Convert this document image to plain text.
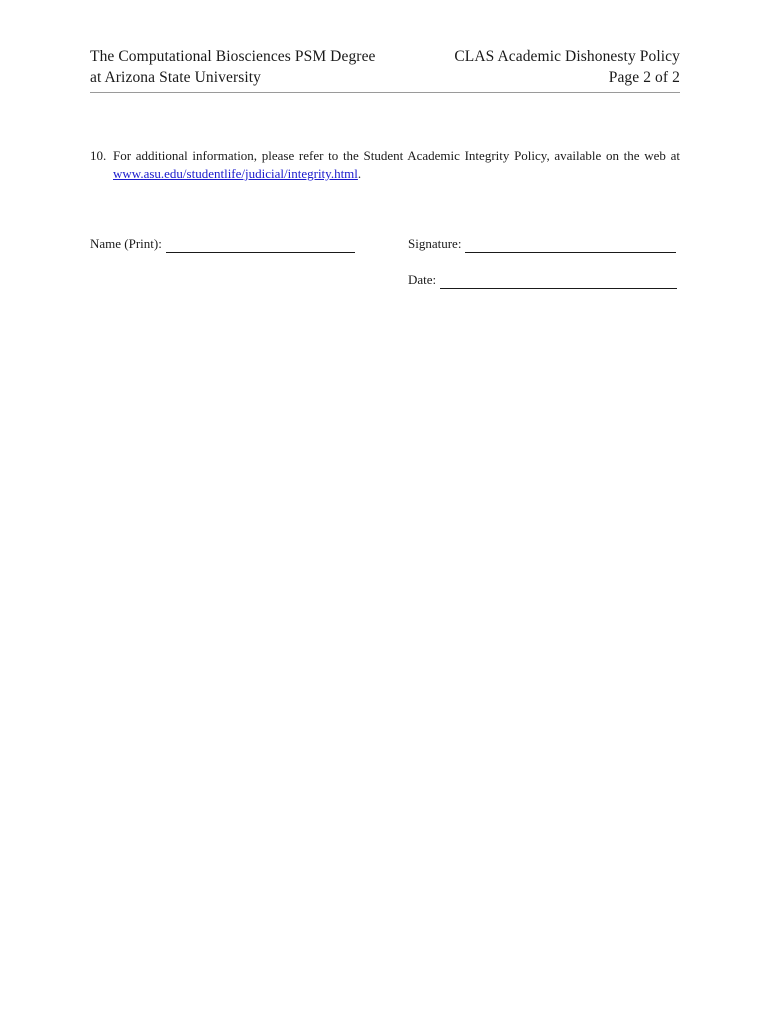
The Computational Biosciences PSM Degree
at Arizona State University
CLAS Academic Dishonesty Policy
Page 2 of 2
10. For additional information, please refer to the Student Academic Integrity Policy, available on the web at www.asu.edu/studentlife/judicial/integrity.html.
Name (Print):	Signature:
Date:
